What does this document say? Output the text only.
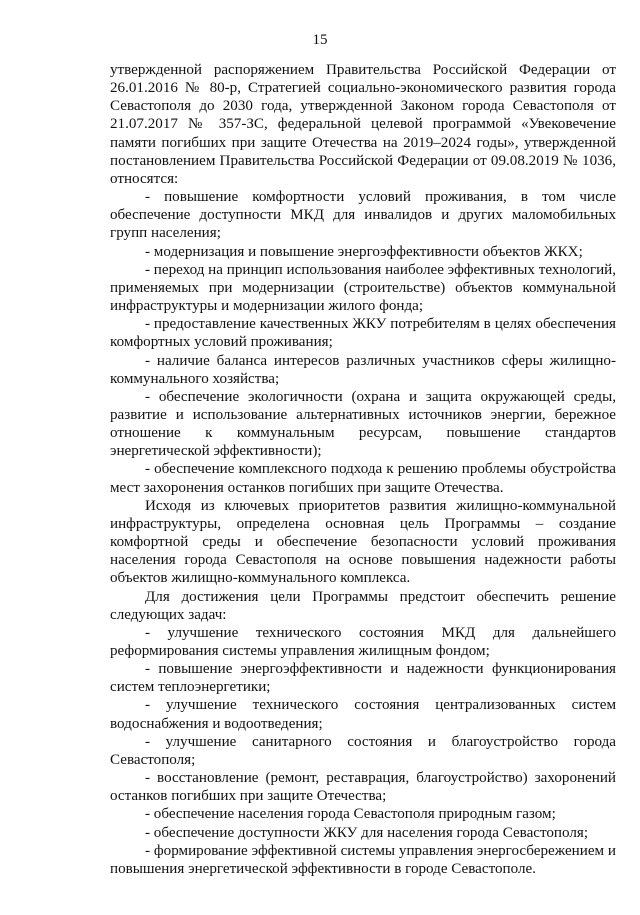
15

утвержденной распоряжением Правительства Российской Федерации от 26.01.2016 № 80-р, Стратегией социально-экономического развития города Севастополя до 2030 года, утвержденной Законом города Севастополя от 21.07.2017 № 357-ЗС, федеральной целевой программой «Увековечение памяти погибших при защите Отечества на 2019–2024 годы», утвержденной постановлением Правительства Российской Федерации от 09.08.2019 № 1036, относятся:

- повышение комфортности условий проживания, в том числе обеспечение доступности МКД для инвалидов и других маломобильных групп населения;

- модернизация и повышение энергоэффективности объектов ЖКХ;

- переход на принцип использования наиболее эффективных технологий, применяемых при модернизации (строительстве) объектов коммунальной инфраструктуры и модернизации жилого фонда;

- предоставление качественных ЖКУ потребителям в целях обеспечения комфортных условий проживания;

- наличие баланса интересов различных участников сферы жилищно-коммунального хозяйства;

- обеспечение экологичности (охрана и защита окружающей среды, развитие и использование альтернативных источников энергии, бережное отношение к коммунальным ресурсам, повышение стандартов энергетической эффективности);

- обеспечение комплексного подхода к решению проблемы обустройства мест захоронения останков погибших при защите Отечества.

Исходя из ключевых приоритетов развития жилищно-коммунальной инфраструктуры, определена основная цель Программы – создание комфортной среды и обеспечение безопасности условий проживания населения города Севастополя на основе повышения надежности работы объектов жилищно-коммунального комплекса.

Для достижения цели Программы предстоит обеспечить решение следующих задач:

- улучшение технического состояния МКД для дальнейшего реформирования системы управления жилищным фондом;

- повышение энергоэффективности и надежности функционирования систем теплоэнергетики;

- улучшение технического состояния централизованных систем водоснабжения и водоотведения;

- улучшение санитарного состояния и благоустройство города Севастополя;

- восстановление (ремонт, реставрация, благоустройство) захоронений останков погибших при защите Отечества;

- обеспечение населения города Севастополя природным газом;

- обеспечение доступности ЖКУ для населения города Севастополя;

- формирование эффективной системы управления энергосбережением и повышения энергетической эффективности в городе Севастополе.
